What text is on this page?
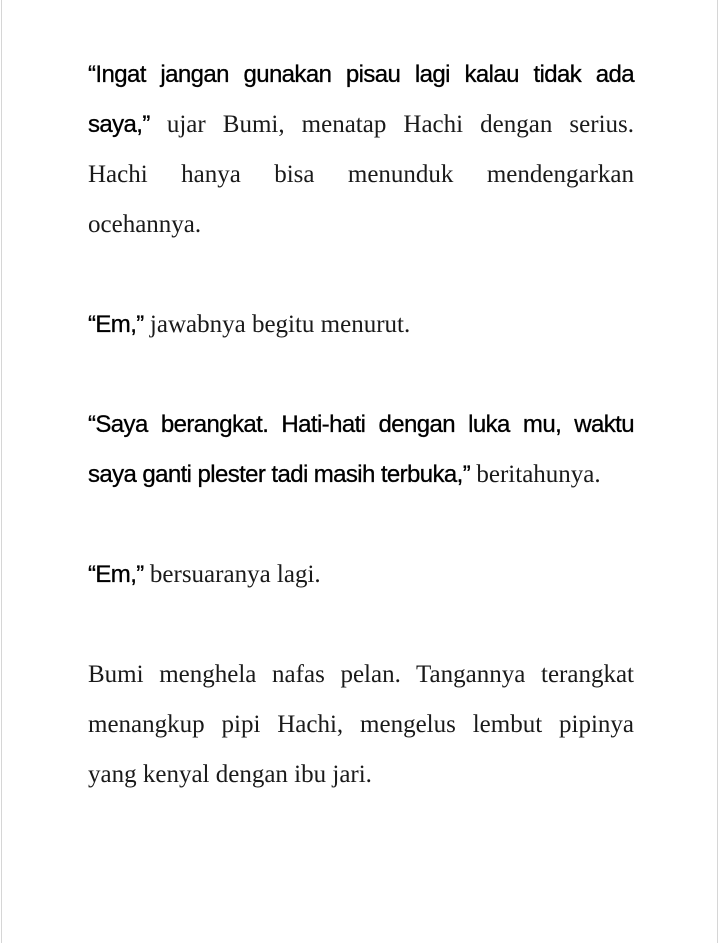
“Ingat jangan gunakan pisau lagi kalau tidak ada saya,” ujar Bumi, menatap Hachi dengan serius. Hachi hanya bisa menunduk mendengarkan ocehannya.

“Em,” jawabnya begitu menurut.

“Saya berangkat. Hati-hati dengan luka mu, waktu saya ganti plester tadi masih terbuka,” beritahunya.

“Em,” bersuaranya lagi.

Bumi menghela nafas pelan. Tangannya terangkat menangkup pipi Hachi, mengelus lembut pipinya yang kenyal dengan ibu jari.
